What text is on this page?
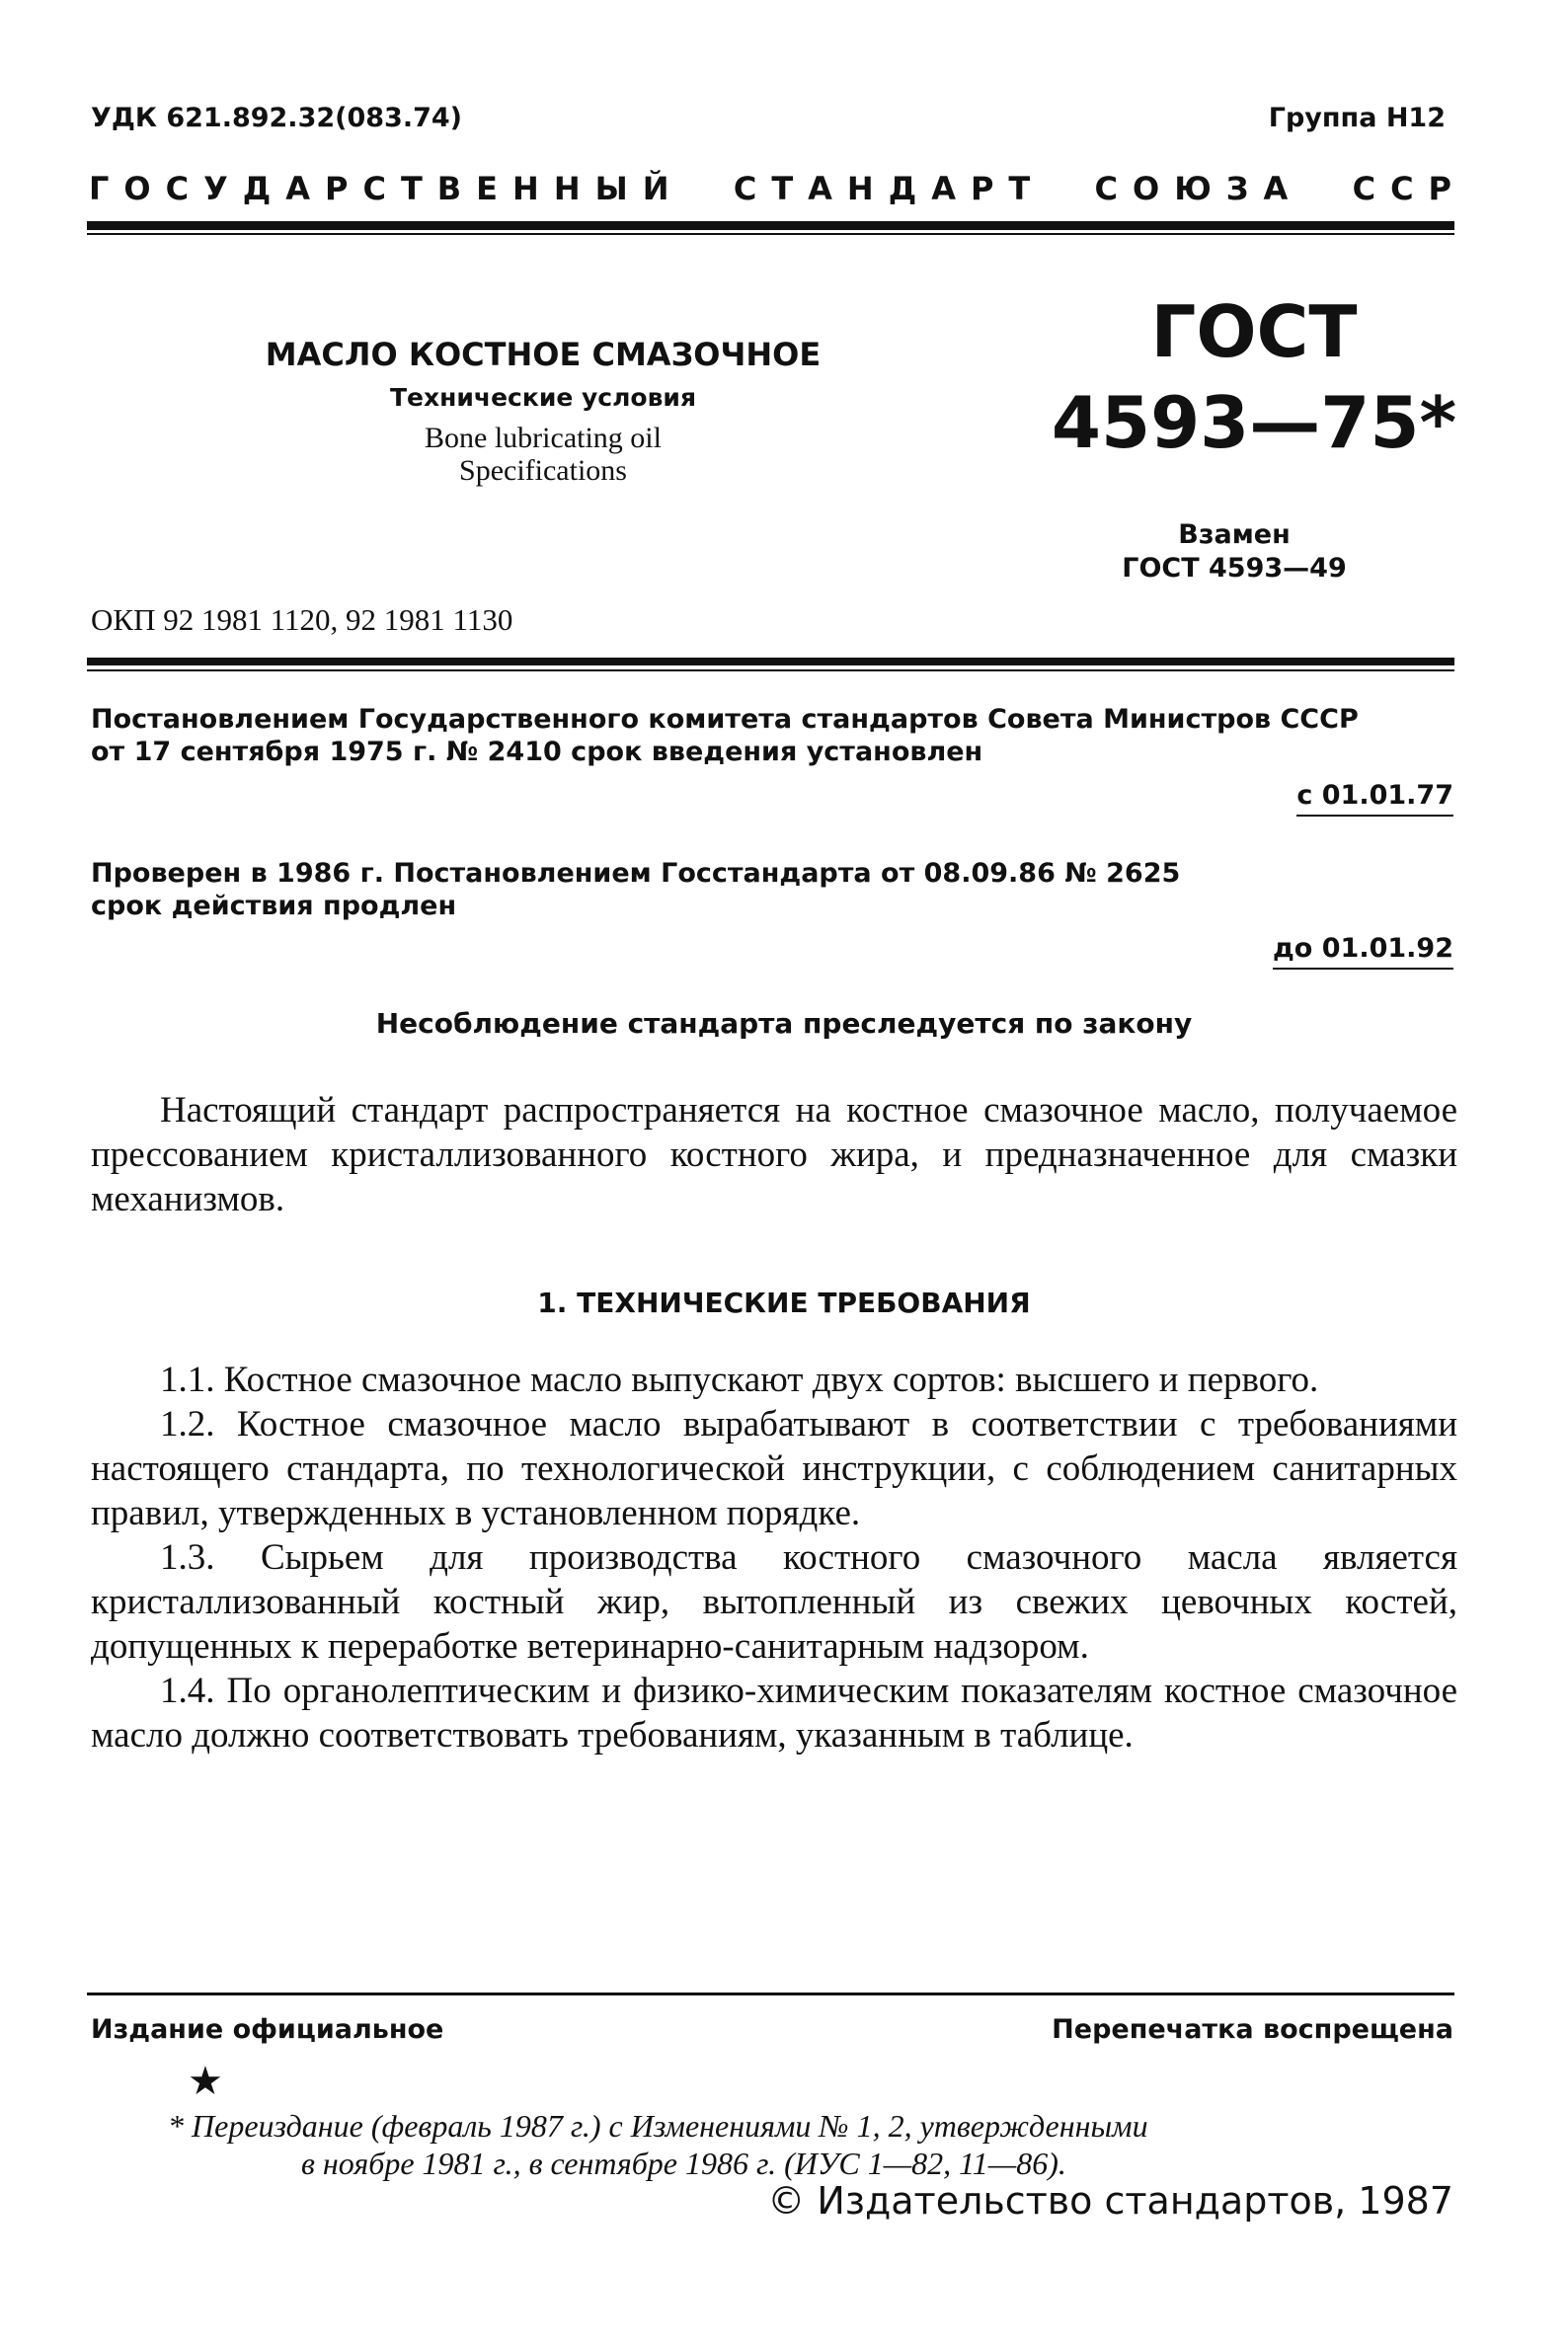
УДК 621.892.32(083.74)	Группа Н12
ГОСУДАРСТВЕННЫЙ СТАНДАРТ СОЮЗА ССР

МАСЛО КОСТНОЕ СМАЗОЧНОЕ

Технические условия

Bone lubricating oil
Specifications

ГОСТ
4593—75*
Взамен
ГОСТ 4593—49
ОКП 92 1981 1120, 92 1981 1130
Постановлением Государственного комитета стандартов Совета Министров СССР
от 17 сентября 1975 г. № 2410 срок введения установлен
с 01.01.77
Проверен в 1986 г. Постановлением Госстандарта от 08.09.86 № 2625
срок действия продлен
до 01.01.92
Несоблюдение стандарта преследуется по закону

Настоящий стандарт распространяется на костное смазочное масло, получаемое прессованием кристаллизованного костного жира, и предназначенное для смазки механизмов.

1. ТЕХНИЧЕСКИЕ ТРЕБОВАНИЯ

1.1. Костное смазочное масло выпускают двух сортов: высшего и первого.

1.2. Костное смазочное масло вырабатывают в соответствии с требованиями настоящего стандарта, по технологической инструкции, с соблюдением санитарных правил, утвержденных в установленном порядке.

1.3. Сырьем для производства костного смазочного масла является кристаллизованный костный жир, вытопленный из свежих цевочных костей, допущенных к переработке ветеринарно-санитарным надзором.

1.4. По органолептическим и физико-химическим показателям костное смазочное масло должно соответствовать требованиям, указанным в таблице.

Издание официальное	Перепечатка воспрещена
★
* Переиздание (февраль 1987 г.) с Изменениями № 1, 2, утвержденными
в ноябре 1981 г., в сентябре 1986 г. (ИУС 1—82, 11—86).
© Издательство стандартов, 1987
